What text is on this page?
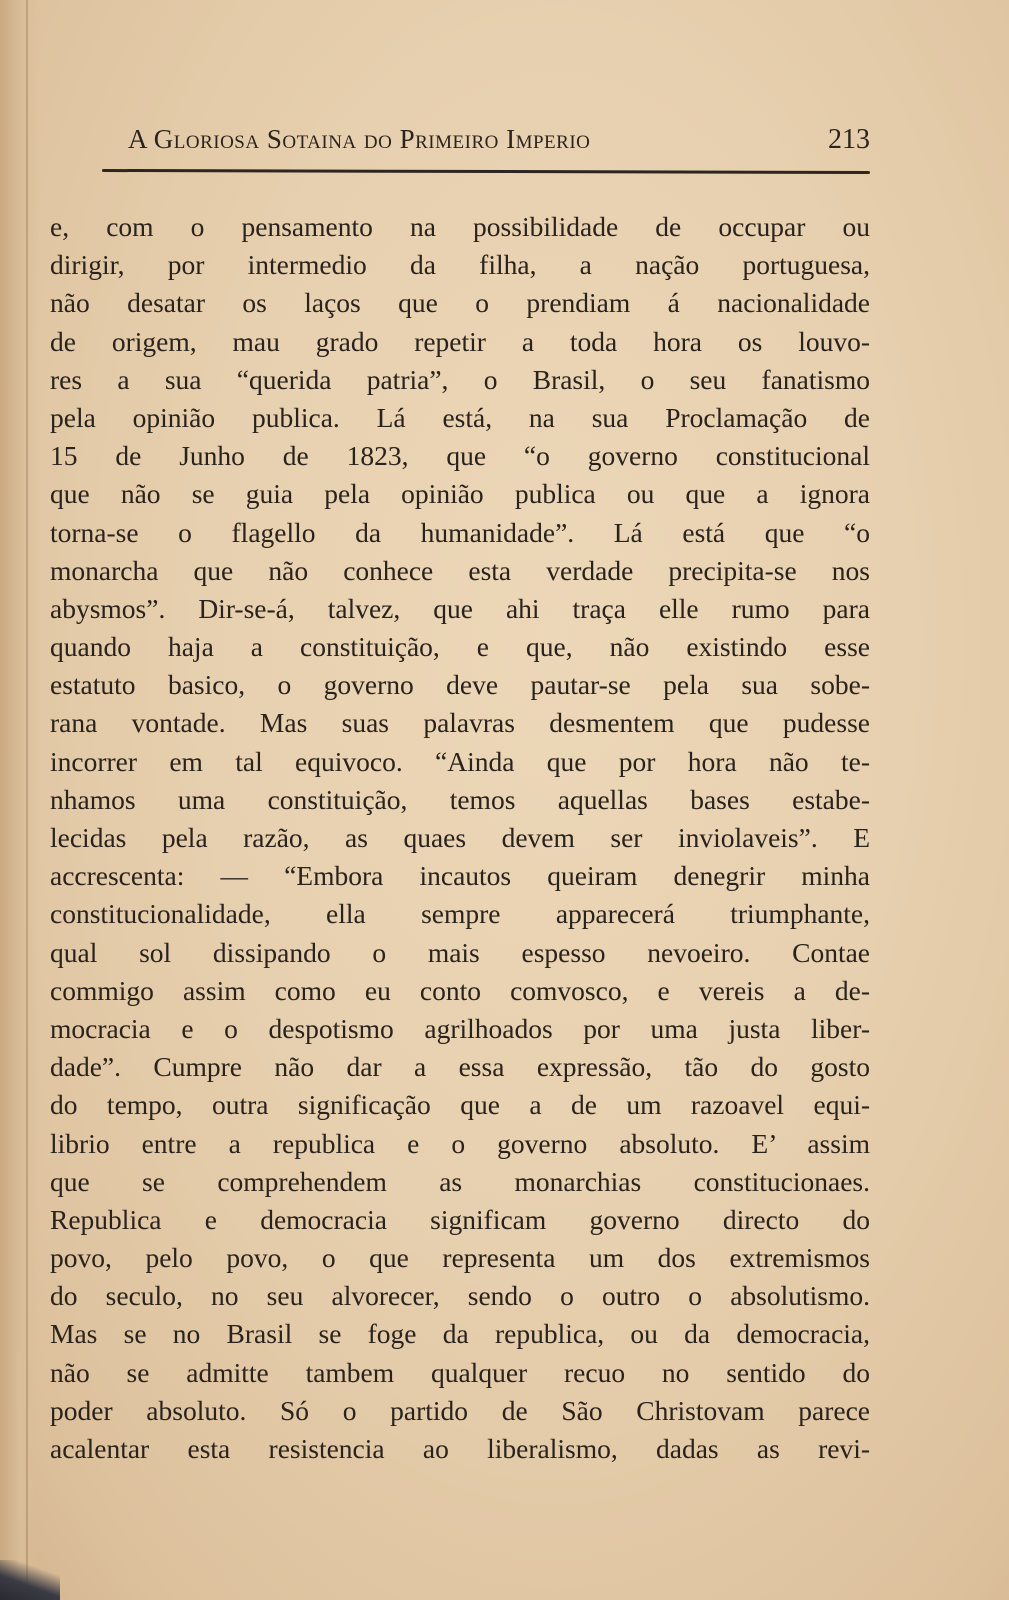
A Gloriosa Sotaina do Primeiro Imperio	213
e, com o pensamento na possibilidade de occupar ou
dirigir, por intermedio da filha, a nação portuguesa,
não desatar os laços que o prendiam á nacionalidade
de origem, mau grado repetir a toda hora os louvo-
res a sua “querida patria”, o Brasil, o seu fanatismo
pela opinião publica. Lá está, na sua Proclamação de
15 de Junho de 1823, que “o governo constitucional
que não se guia pela opinião publica ou que a ignora
torna-se o flagello da humanidade”. Lá está que “o
monarcha que não conhece esta verdade precipita-se nos
abysmos”. Dir-se-á, talvez, que ahi traça elle rumo para
quando haja a constituição, e que, não existindo esse
estatuto basico, o governo deve pautar-se pela sua sobe-
rana vontade. Mas suas palavras desmentem que pudesse
incorrer em tal equivoco. “Ainda que por hora não te-
nhamos uma constituição, temos aquellas bases estabe-
lecidas pela razão, as quaes devem ser inviolaveis”. E
accrescenta: — “Embora incautos queiram denegrir minha
constitucionalidade, ella sempre apparecerá triumphante,
qual sol dissipando o mais espesso nevoeiro. Contae
commigo assim como eu conto comvosco, e vereis a de-
mocracia e o despotismo agrilhoados por uma justa liber-
dade”. Cumpre não dar a essa expressão, tão do gosto
do tempo, outra significação que a de um razoavel equi-
librio entre a republica e o governo absoluto. E’ assim
que se comprehendem as monarchias constitucionaes.
Republica e democracia significam governo directo do
povo, pelo povo, o que representa um dos extremismos
do seculo, no seu alvorecer, sendo o outro o absolutismo.
Mas se no Brasil se foge da republica, ou da democracia,
não se admitte tambem qualquer recuo no sentido do
poder absoluto. Só o partido de São Christovam parece
acalentar esta resistencia ao liberalismo, dadas as revi-
